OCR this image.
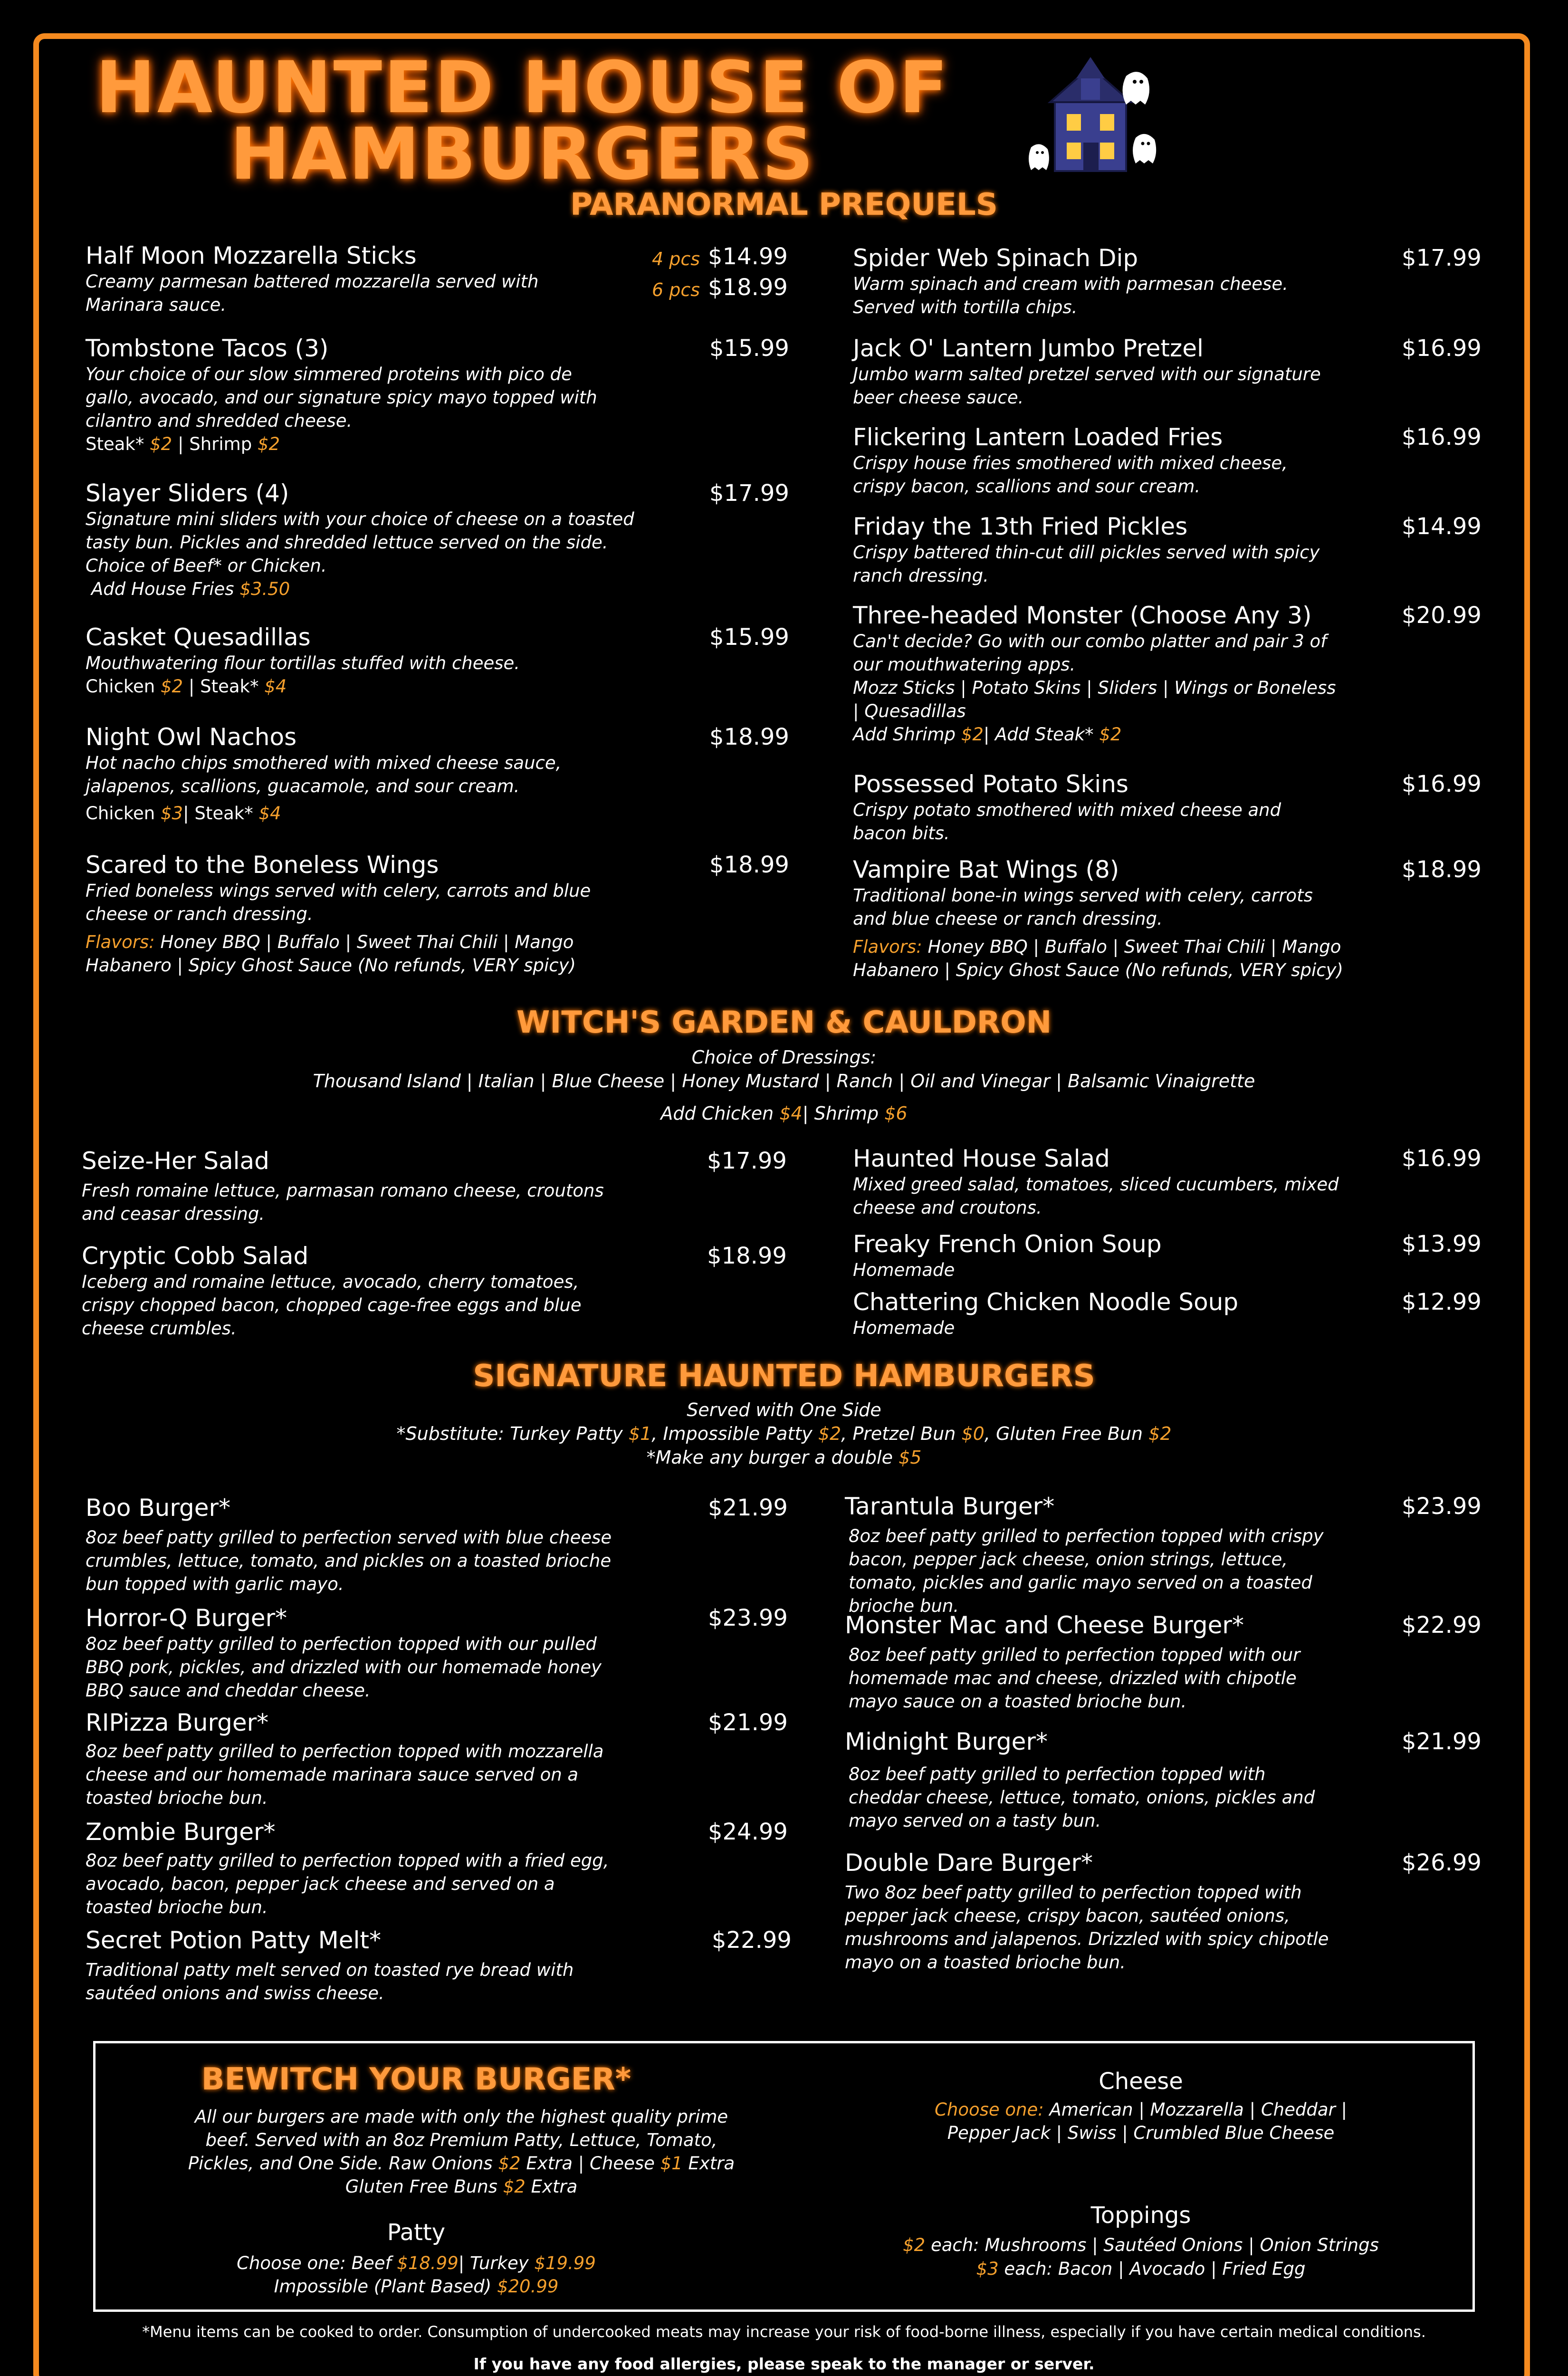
HAUNTED HOUSE OF
HAMBURGERS
PARANORMAL PREQUELS
Half Moon Mozzarella Sticks
Creamy parmesan battered mozzarella served with Marinara sauce.
4 pcs $14.99
6 pcs $18.99
Tombstone Tacos (3)
Your choice of our slow simmered proteins with pico de gallo, avocado, and our signature spicy mayo topped with cilantro and shredded cheese.
Steak* $2 | Shrimp $2
$15.99
Slayer Sliders (4)
Signature mini sliders with your choice of cheese on a toasted tasty bun. Pickles and shredded lettuce served on the side. Choice of Beef* or Chicken.
Add House Fries $3.50
$17.99
Casket Quesadillas
Mouthwatering flour tortillas stuffed with cheese.
Chicken $2 | Steak* $4
$15.99
Night Owl Nachos
Hot nacho chips smothered with mixed cheese sauce, jalapenos, scallions, guacamole, and sour cream.
Chicken $3| Steak* $4
$18.99
Scared to the Boneless Wings
Fried boneless wings served with celery, carrots and blue cheese or ranch dressing.
Flavors: Honey BBQ | Buffalo | Sweet Thai Chili | Mango Habanero | Spicy Ghost Sauce (No refunds, VERY spicy)
$18.99
Spider Web Spinach Dip
Warm spinach and cream with parmesan cheese. Served with tortilla chips.
$17.99
Jack O' Lantern Jumbo Pretzel
Jumbo warm salted pretzel served with our signature beer cheese sauce.
$16.99
Flickering Lantern Loaded Fries
Crispy house fries smothered with mixed cheese, crispy bacon, scallions and sour cream.
$16.99
Friday the 13th Fried Pickles
Crispy battered thin-cut dill pickles served with spicy ranch dressing.
$14.99
Three-headed Monster (Choose Any 3)
Can't decide? Go with our combo platter and pair 3 of our mouthwatering apps.
Mozz Sticks | Potato Skins | Sliders | Wings or Boneless | Quesadillas
Add Shrimp $2| Add Steak* $2
$20.99
Possessed Potato Skins
Crispy potato smothered with mixed cheese and bacon bits.
$16.99
Vampire Bat Wings (8)
Traditional bone-in wings served with celery, carrots and blue cheese or ranch dressing.
Flavors: Honey BBQ | Buffalo | Sweet Thai Chili | Mango Habanero | Spicy Ghost Sauce (No refunds, VERY spicy)
$18.99
WITCH'S GARDEN & CAULDRON
Choice of Dressings:
Thousand Island | Italian | Blue Cheese | Honey Mustard | Ranch | Oil and Vinegar | Balsamic Vinaigrette
Add Chicken $4| Shrimp $6
Seize-Her Salad
Fresh romaine lettuce, parmasan romano cheese, croutons and ceasar dressing.
$17.99
Cryptic Cobb Salad
Iceberg and romaine lettuce, avocado, cherry tomatoes, crispy chopped bacon, chopped cage-free eggs and blue cheese crumbles.
$18.99
Haunted House Salad
Mixed greed salad, tomatoes, sliced cucumbers, mixed cheese and croutons.
$16.99
Freaky French Onion Soup
Homemade
$13.99
Chattering Chicken Noodle Soup
Homemade
$12.99
SIGNATURE HAUNTED HAMBURGERS
Served with One Side
*Substitute: Turkey Patty $1, Impossible Patty $2, Pretzel Bun $0, Gluten Free Bun $2
*Make any burger a double $5
Boo Burger*
8oz beef patty grilled to perfection served with blue cheese crumbles, lettuce, tomato, and pickles on a toasted brioche bun topped with garlic mayo.
$21.99
Horror-Q Burger*
8oz beef patty grilled to perfection topped with our pulled BBQ pork, pickles, and drizzled with our homemade honey BBQ sauce and cheddar cheese.
$23.99
RIPizza Burger*
8oz beef patty grilled to perfection topped with mozzarella cheese and our homemade marinara sauce served on a toasted brioche bun.
$21.99
Zombie Burger*
8oz beef patty grilled to perfection topped with a fried egg, avocado, bacon, pepper jack cheese and served on a toasted brioche bun.
$24.99
Secret Potion Patty Melt*
Traditional patty melt served on toasted rye bread with sautéed onions and swiss cheese.
$22.99
Tarantula Burger*
8oz beef patty grilled to perfection topped with crispy bacon, pepper jack cheese, onion strings, lettuce, tomato, pickles and garlic mayo served on a toasted brioche bun.
$23.99
Monster Mac and Cheese Burger*
8oz beef patty grilled to perfection topped with our homemade mac and cheese, drizzled with chipotle mayo sauce on a toasted brioche bun.
$22.99
Midnight Burger*
8oz beef patty grilled to perfection topped with cheddar cheese, lettuce, tomato, onions, pickles and mayo served on a tasty bun.
$21.99
Double Dare Burger*
Two 8oz beef patty grilled to perfection topped with pepper jack cheese, crispy bacon, sautéed onions, mushrooms and jalapenos. Drizzled with spicy chipotle mayo on a toasted brioche bun.
$26.99
BEWITCH YOUR BURGER*
All our burgers are made with only the highest quality prime beef. Served with an 8oz Premium Patty, Lettuce, Tomato, Pickles, and One Side. Raw Onions $2 Extra | Cheese $1 Extra
Gluten Free Buns $2 Extra
Patty
Choose one: Beef $18.99| Turkey $19.99
Impossible (Plant Based) $20.99
Cheese
Choose one: American | Mozzarella | Cheddar | Pepper Jack | Swiss | Crumbled Blue Cheese
Toppings
$2 each: Mushrooms | Sautéed Onions | Onion Strings
$3 each: Bacon | Avocado | Fried Egg
*Menu items can be cooked to order. Consumption of undercooked meats may increase your risk of food-borne illness, especially if you have certain medical conditions.
If you have any food allergies, please speak to the manager or server.
